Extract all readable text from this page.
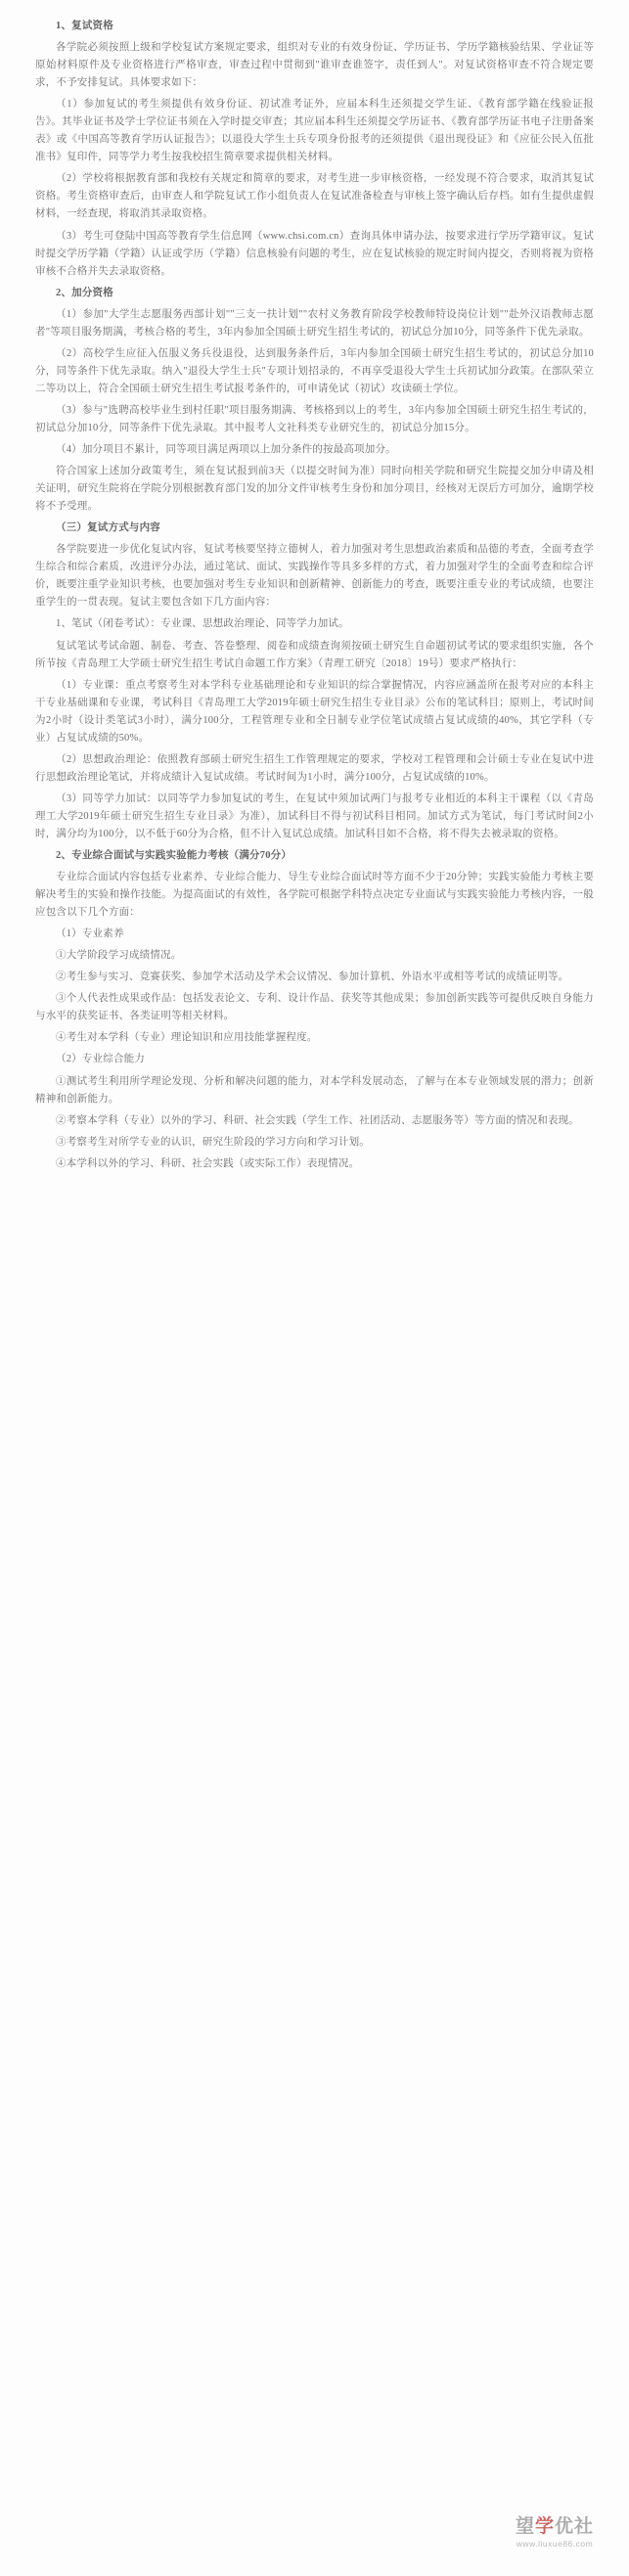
1、复试资格

各学院必须按照上级和学校复试方案规定要求，组织对专业的有效身份证、学历证书、学历学籍核验结果、学业证等原始材料原件及专业资格进行严格审查，审查过程中贯彻到"谁审查谁签字，责任到人"。对复试资格审查不符合规定要求，不予安排复试。具体要求如下：

（1）参加复试的考生须提供有效身份证、初试准考证外，应届本科生还须提交学生证、《教育部学籍在线验证报告》。其毕业证书及学士学位证书须在入学时提交审查；其应届本科生还须提交学历证书、《教育部学历证书电子注册备案表》或《中国高等教育学历认证报告》；以退役大学生士兵专项身份报考的还须提供《退出现役证》和《应征公民入伍批准书》复印件，同等学力考生按我校招生简章要求提供相关材料。

（2）学校将根据教育部和我校有关规定和简章的要求，对考生进一步审核资格，一经发现不符合要求，取消其复试资格。考生资格审查后，由审查人和学院复试工作小组负责人在复试准备检查与审核上签字确认后存档。如有生提供虚假材料，一经查现，将取消其录取资格。

（3）考生可登陆中国高等教育学生信息网（www.chsi.com.cn）查询具体申请办法，按要求进行学历学籍审议。复试时提交学历学籍（学籍）认证或学历（学籍）信息核验有问题的考生，应在复试核验的规定时间内提交，否则将视为资格审核不合格并失去录取资格。

2、加分资格

（1）参加"大学生志愿服务西部计划""三支一扶计划""农村义务教育阶段学校教师特设岗位计划""赴外汉语教师志愿者"等项目服务期满，考核合格的考生，3年内参加全国硕士研究生招生考试的，初试总分加10分，同等条件下优先录取。

（2）高校学生应征入伍服义务兵役退役，达到服务条件后，3年内参加全国硕士研究生招生考试的，初试总分加10分，同等条件下优先录取。纳入"退役大学生士兵"专项计划招录的，不再享受退役大学生士兵初试加分政策。在部队荣立二等功以上，符合全国硕士研究生招生考试报考条件的，可申请免试（初试）攻读硕士学位。

（3）参与"选聘高校毕业生到村任职"项目服务期满、考核格到以上的考生，3年内参加全国硕士研究生招生考试的，初试总分加10分，同等条件下优先录取。其中报考人文社科类专业研究生的，初试总分加15分。

（4）加分项目不累计，同等项目满足两项以上加分条件的按最高项加分。

符合国家上述加分政策考生，须在复试报到前3天（以提交时间为准）同时向相关学院和研究生院提交加分申请及相关证明，研究生院将在学院分别根据教育部门发的加分文件审核考生身份和加分项目，经核对无误后方可加分，逾期学校将不予受理。

（三）复试方式与内容

各学院要进一步优化复试内容，复试考核要坚持立德树人，着力加强对考生思想政治素质和品德的考查，全面考查学生综合和综合素质，改进评分办法，通过笔试、面试、实践操作等具多多样的方式，着力加强对学生的全面考查和综合评价，既要注重学业知识考核，也要加强对考生专业知识和创新精神、创新能力的考查，既要注重专业的考试成绩，也要注重学生的一贯表现。复试主要包含如下几方面内容：

1、笔试（闭卷考试）：专业课、思想政治理论、同等学力加试。

复试笔试考试命题、制卷、考查、答卷整理、阅卷和成绩查询须按硕士研究生自命题初试考试的要求组织实施，各个所节按《青岛理工大学硕士研究生招生考试自命题工作方案》（青理工研究〔2018〕19号）要求严格执行：

（1）专业课：重点考察考生对本学科专业基础理论和专业知识的综合掌握情况，内容应涵盖所在报考对应的本科主干专业基础课和专业课，考试科目《青岛理工大学2019年硕士研究生招生专业目录》公布的笔试科目；原则上，考试时间为2小时（设计类笔试3小时），满分100分，工程管理专业和全日制专业学位笔试成绩占复试成绩的40%，其它学科（专业）占复试成绩的50%。

（2）思想政治理论：依照教育部硕士研究生招生工作管理规定的要求，学校对工程管理和会计硕士专业在复试中进行思想政治理论笔试，并将成绩计入复试成绩。考试时间为1小时，满分100分，占复试成绩的10%。

（3）同等学力加试：以同等学力参加复试的考生，在复试中须加试两门与报考专业相近的本科主干课程（以《青岛理工大学2019年硕士研究生招生专业目录》为准），加试科目不得与初试科目相同。加试方式为笔试，每门考试时间2小时，满分均为100分，以不低于60分为合格，但不计入复试总成绩。加试科目如不合格，将不得失去被录取的资格。

2、专业综合面试与实践实验能力考核（满分70分）

专业综合面试内容包括专业素养、专业综合能力、导生专业综合面试时等方面不少于20分钟；实践实验能力考核主要解决考生的实验和操作技能。为提高面试的有效性，各学院可根据学科特点决定专业面试与实践实验能力考核内容，一般应包含以下几个方面：

（1）专业素养

①大学阶段学习成绩情况。

②考生参与实习、竞赛获奖、参加学术活动及学术会议情况、参加计算机、外语水平或相等考试的成绩证明等。

③个人代表性成果或作品：包括发表论文、专利、设计作品、获奖等其他成果；参加创新实践等可提供反映自身能力与水平的获奖证书、各类证明等相关材料。

④考生对本学科（专业）理论知识和应用技能掌握程度。

（2）专业综合能力

①测试考生利用所学理论发现、分析和解决问题的能力，对本学科发展动态，了解与在本专业领域发展的潜力；创新精神和创新能力。

②考察本学科（专业）以外的学习、科研、社会实践（学生工作、社团活动、志愿服务等）等方面的情况和表现。

③考察考生对所学专业的认识，研究生阶段的学习方向和学习计划。

④本学科以外的学习、科研、社会实践（或实际工作）表现情况。

望学优社
www.liuxue86.com
